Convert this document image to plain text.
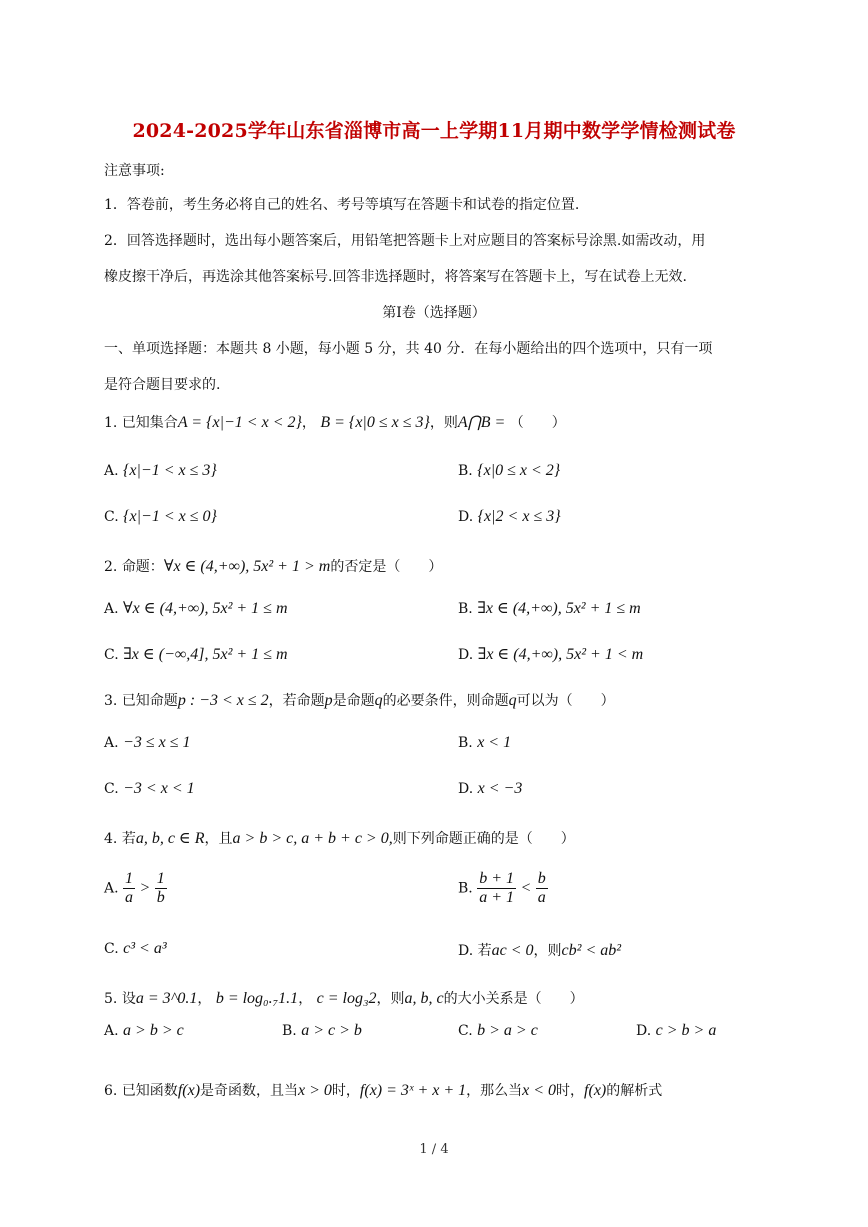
2024-2025学年山东省淄博市高一上学期11月期中数学学情检测试卷
注意事项:
1．答卷前，考生务必将自己的姓名、考号等填写在答题卡和试卷的指定位置.
2．回答选择题时，选出每小题答案后，用铅笔把答题卡上对应题目的答案标号涂黑.如需改动，用
橡皮擦干净后，再选涂其他答案标号.回答非选择题时，将答案写在答题卡上，写在试卷上无效.
第Ⅰ卷（选择题）
一、单项选择题：本题共 8 小题，每小题 5 分，共 40 分．在每小题给出的四个选项中，只有一项
是符合题目要求的.
1. 已知集合A = {x|−1 < x < 2}， B = {x|0 ≤ x ≤ 3}，则A⋂B = （　　）
A. {x|−1 < x ≤ 3}	B. {x|0 ≤ x < 2}
C. {x|−1 < x ≤ 0}	D. {x|2 < x ≤ 3}
2. 命题：∀x ∈ (4,+∞), 5x² + 1 > m的否定是（　　）
A. ∀x ∈ (4,+∞), 5x² + 1 ≤ m	B. ∃x ∈ (4,+∞), 5x² + 1 ≤ m
C. ∃x ∈ (−∞,4], 5x² + 1 ≤ m	D. ∃x ∈ (4,+∞), 5x² + 1 < m
3. 已知命题p : −3 < x ≤ 2，若命题p是命题q的必要条件，则命题q可以为（　　）
A. −3 ≤ x ≤ 1	B. x < 1
C. −3 < x < 1	D. x < −3
4. 若a, b, c ∈ R，且a > b > c, a + b + c > 0,则下列命题正确的是（　　）
A. $\frac{1}{a} > \frac{1}{b}$	B. $\frac{b + 1}{a + 1} < \frac{b}{a}$
C. c³ < a³	D. 若ac < 0，则cb² < ab²
5. 设a = 3^0.1， b = log₀.₇1.1， c = log₃2，则a, b, c的大小关系是（　　）
A. a > b > c	B. a > c > b	C. b > a > c	D. c > b > a
6. 已知函数f(x)是奇函数，且当x > 0时，f(x) = 3ˣ + x + 1，那么当x < 0时，f(x)的解析式
1 / 4
